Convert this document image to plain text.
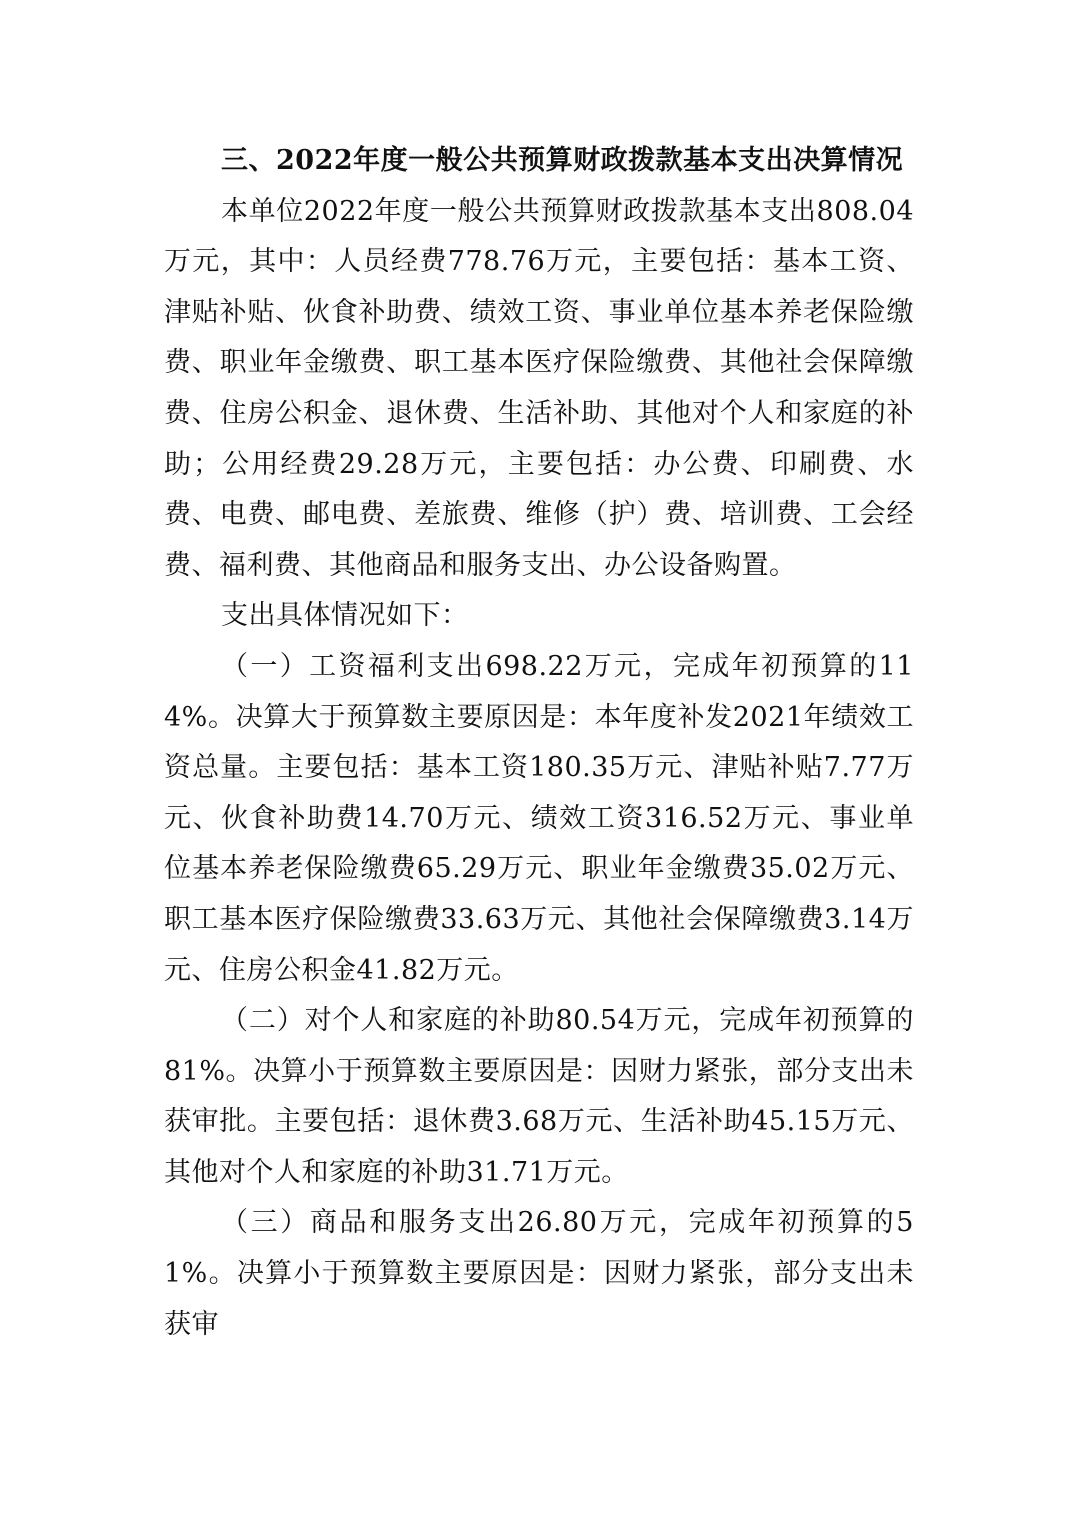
三、2022年度一般公共预算财政拨款基本支出决算情况

本单位2022年度一般公共预算财政拨款基本支出808.04万元，其中：人员经费778.76万元，主要包括：基本工资、津贴补贴、伙食补助费、绩效工资、事业单位基本养老保险缴费、职业年金缴费、职工基本医疗保险缴费、其他社会保障缴费、住房公积金、退休费、生活补助、其他对个人和家庭的补助；公用经费29.28万元，主要包括：办公费、印刷费、水费、电费、邮电费、差旅费、维修（护）费、培训费、工会经费、福利费、其他商品和服务支出、办公设备购置。

支出具体情况如下：

（一）工资福利支出698.22万元，完成年初预算的114%。决算大于预算数主要原因是：本年度补发2021年绩效工资总量。主要包括：基本工资180.35万元、津贴补贴7.77万元、伙食补助费14.70万元、绩效工资316.52万元、事业单位基本养老保险缴费65.29万元、职业年金缴费35.02万元、职工基本医疗保险缴费33.63万元、其他社会保障缴费3.14万元、住房公积金41.82万元。

（二）对个人和家庭的补助80.54万元，完成年初预算的81%。决算小于预算数主要原因是：因财力紧张，部分支出未获审批。主要包括：退休费3.68万元、生活补助45.15万元、其他对个人和家庭的补助31.71万元。

（三）商品和服务支出26.80万元，完成年初预算的51%。决算小于预算数主要原因是：因财力紧张，部分支出未获审
